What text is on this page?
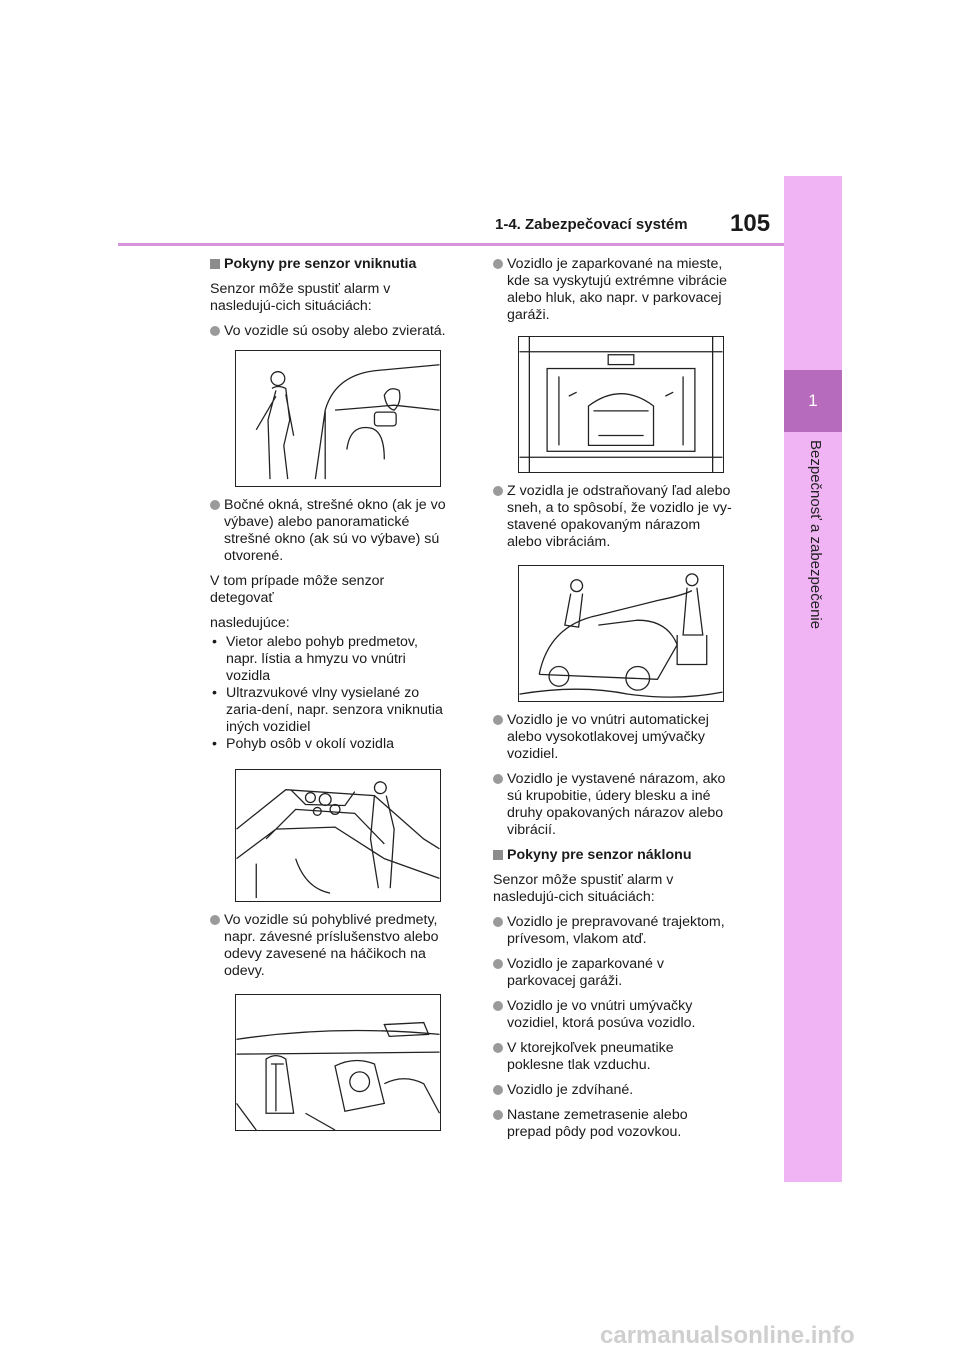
1
Bezpečnosť a zabezpečenie
1-4. Zabezpečovací systém 105
Pokyny pre senzor vniknutia

Senzor môže spustiť alarm v nasledujú-cich situáciách:

Vo vozidle sú osoby alebo zvieratá.
Bočné okná, strešné okno (ak je vo výbave) alebo panoramatické strešné okno (ak sú vo výbave) sú otvorené.

V tom prípade môže senzor detegovať

nasledujúce:

• Vietor alebo pohyb predmetov, napr. lístia a hmyzu vo vnútri vozidla
• Ultrazvukové vlny vysielané zo zaria-dení, napr. senzora vniknutia iných vozidiel
• Pohyb osôb v okolí vozidla
Vo vozidle sú pohyblivé predmety, napr. závesné príslušenstvo alebo odevy zavesené na háčikoch na odevy.
Vozidlo je zaparkované na mieste, kde sa vyskytujú extrémne vibrácie alebo hluk, ako napr. v parkovacej garáži.
Z vozidla je odstraňovaný ľad alebo sneh, a to spôsobí, že vozidlo je vy-stavené opakovaným nárazom alebo vibráciám.
Vozidlo je vo vnútri automatickej alebo vysokotlakovej umývačky vozidiel.
Vozidlo je vystavené nárazom, ako sú krupobitie, údery blesku a iné druhy opakovaných nárazov alebo vibrácií.
Pokyny pre senzor náklonu

Senzor môže spustiť alarm v nasledujú-cich situáciách:

Vozidlo je prepravované trajektom, prívesom, vlakom atď.
Vozidlo je zaparkované v parkovacej garáži.
Vozidlo je vo vnútri umývačky vozidiel, ktorá posúva vozidlo.
V ktorejkoľvek pneumatike poklesne tlak vzduchu.
Vozidlo je zdvíhané.
Nastane zemetrasenie alebo prepad pôdy pod vozovkou.
carmanualsonline.info
